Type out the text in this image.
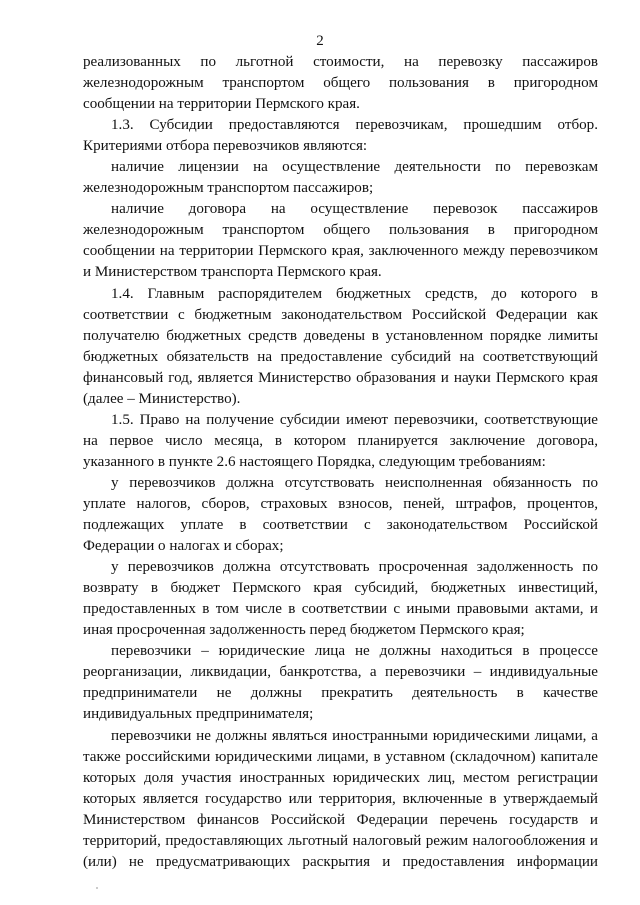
2

реализованных по льготной стоимости, на перевозку пассажиров железнодорожным транспортом общего пользования в пригородном сообщении на территории Пермского края.

1.3. Субсидии предоставляются перевозчикам, прошедшим отбор. Критериями отбора перевозчиков являются:

наличие лицензии на осуществление деятельности по перевозкам железнодорожным транспортом пассажиров;

наличие договора на осуществление перевозок пассажиров железнодорожным транспортом общего пользования в пригородном сообщении на территории Пермского края, заключенного между перевозчиком и Министерством транспорта Пермского края.

1.4. Главным распорядителем бюджетных средств, до которого в соответствии с бюджетным законодательством Российской Федерации как получателю бюджетных средств доведены в установленном порядке лимиты бюджетных обязательств на предоставление субсидий на соответствующий финансовый год, является Министерство образования и науки Пермского края (далее – Министерство).

1.5. Право на получение субсидии имеют перевозчики, соответствующие на первое число месяца, в котором планируется заключение договора, указанного в пункте 2.6 настоящего Порядка, следующим требованиям:

у перевозчиков должна отсутствовать неисполненная обязанность по уплате налогов, сборов, страховых взносов, пеней, штрафов, процентов, подлежащих уплате в соответствии с законодательством Российской Федерации о налогах и сборах;

у перевозчиков должна отсутствовать просроченная задолженность по возврату в бюджет Пермского края субсидий, бюджетных инвестиций, предоставленных в том числе в соответствии с иными правовыми актами, и иная просроченная задолженность перед бюджетом Пермского края;

перевозчики – юридические лица не должны находиться в процессе реорганизации, ликвидации, банкротства, а перевозчики – индивидуальные предприниматели не должны прекратить деятельность в качестве индивидуальных предпринимателя;

перевозчики не должны являться иностранными юридическими лицами, а также российскими юридическими лицами, в уставном (складочном) капитале которых доля участия иностранных юридических лиц, местом регистрации которых является государство или территория, включенные в утверждаемый Министерством финансов Российской Федерации перечень государств и территорий, предоставляющих льготный налоговый режим налогообложения и (или) не предусматривающих раскрытия и предоставления информации
